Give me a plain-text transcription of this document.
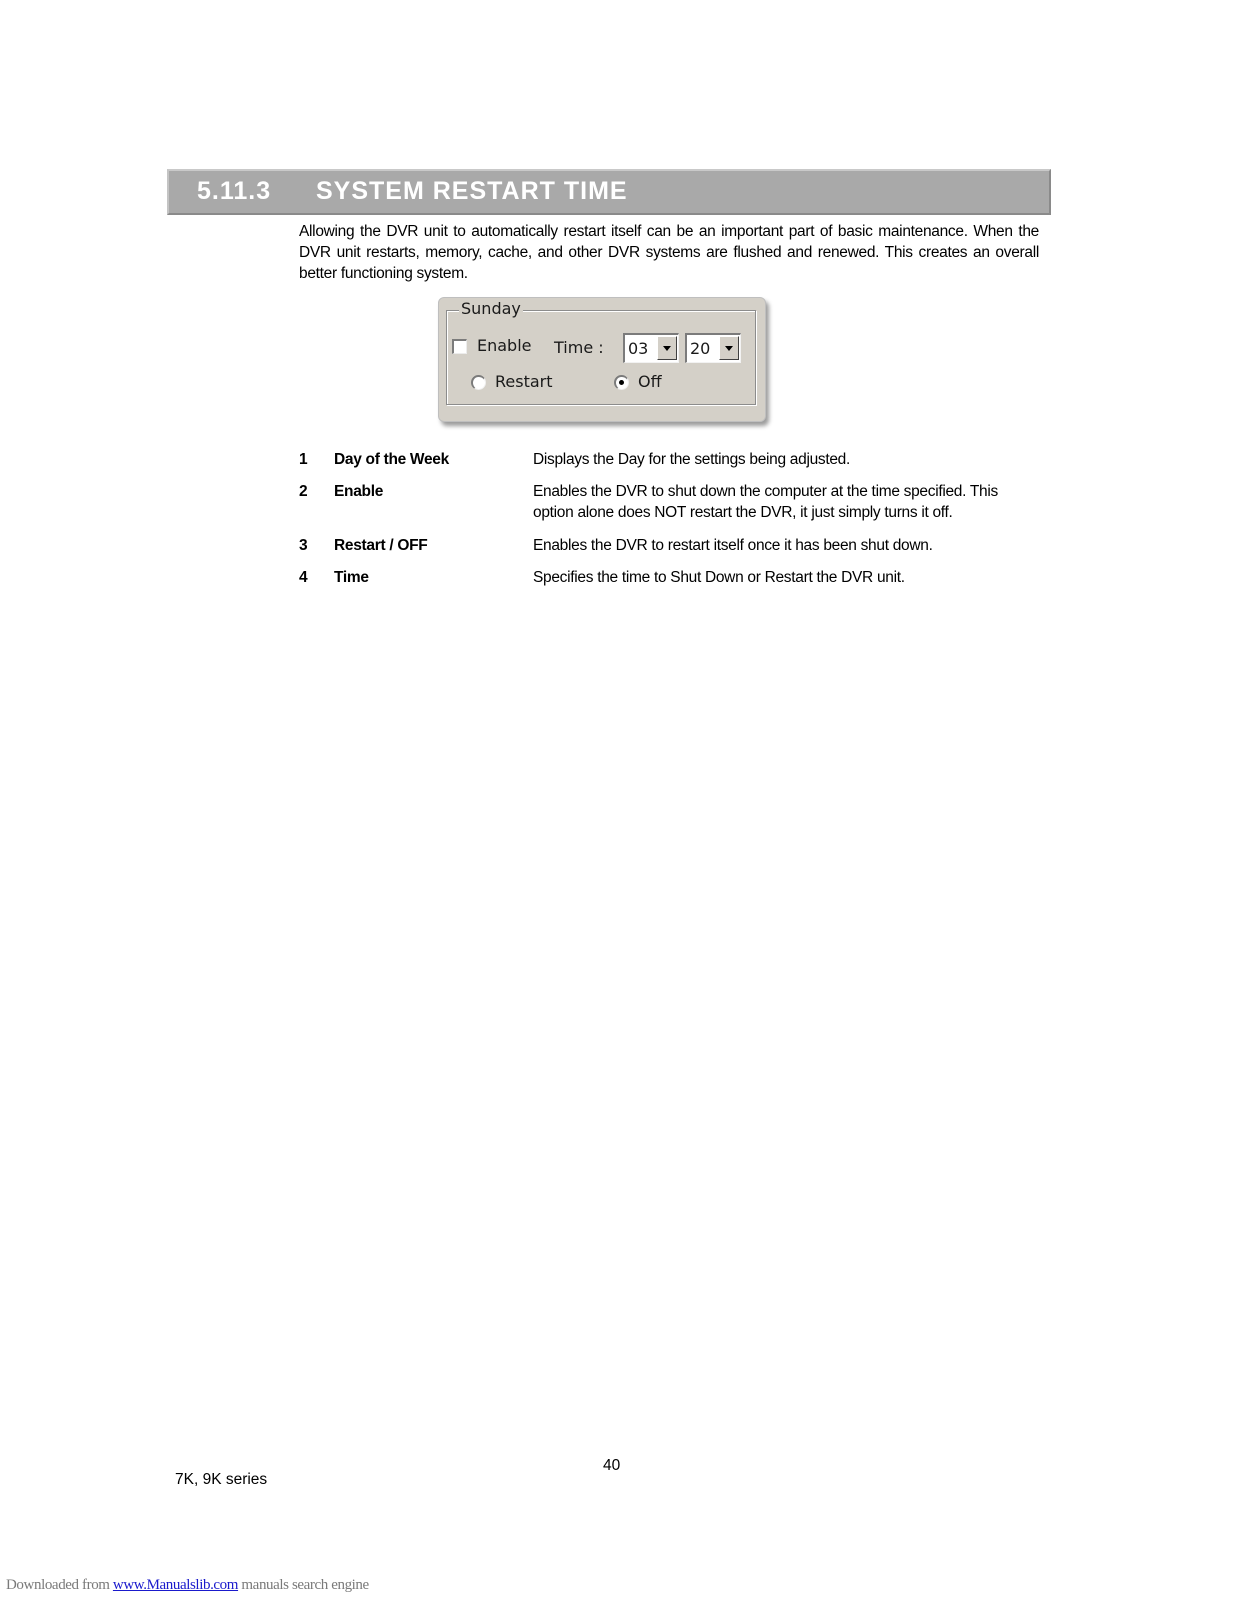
5.11.3 SYSTEM RESTART TIME
Allowing the DVR unit to automatically restart itself can be an important part of basic maintenance. When the DVR unit restarts, memory, cache, and other DVR systems are flushed and renewed. This creates an overall better functioning system.
Sunday
Enable Time : 03	20
Restart	Off
1 Day of the Week	Displays the Day for the settings being adjusted.
2 Enable	Enables the DVR to shut down the computer at the time specified. This option alone does NOT restart the DVR, it just simply turns it off.
3 Restart / OFF	Enables the DVR to restart itself once it has been shut down.
4 Time	Specifies the time to Shut Down or Restart the DVR unit.
40
7K, 9K series
Downloaded from www.Manualslib.com manuals search engine
